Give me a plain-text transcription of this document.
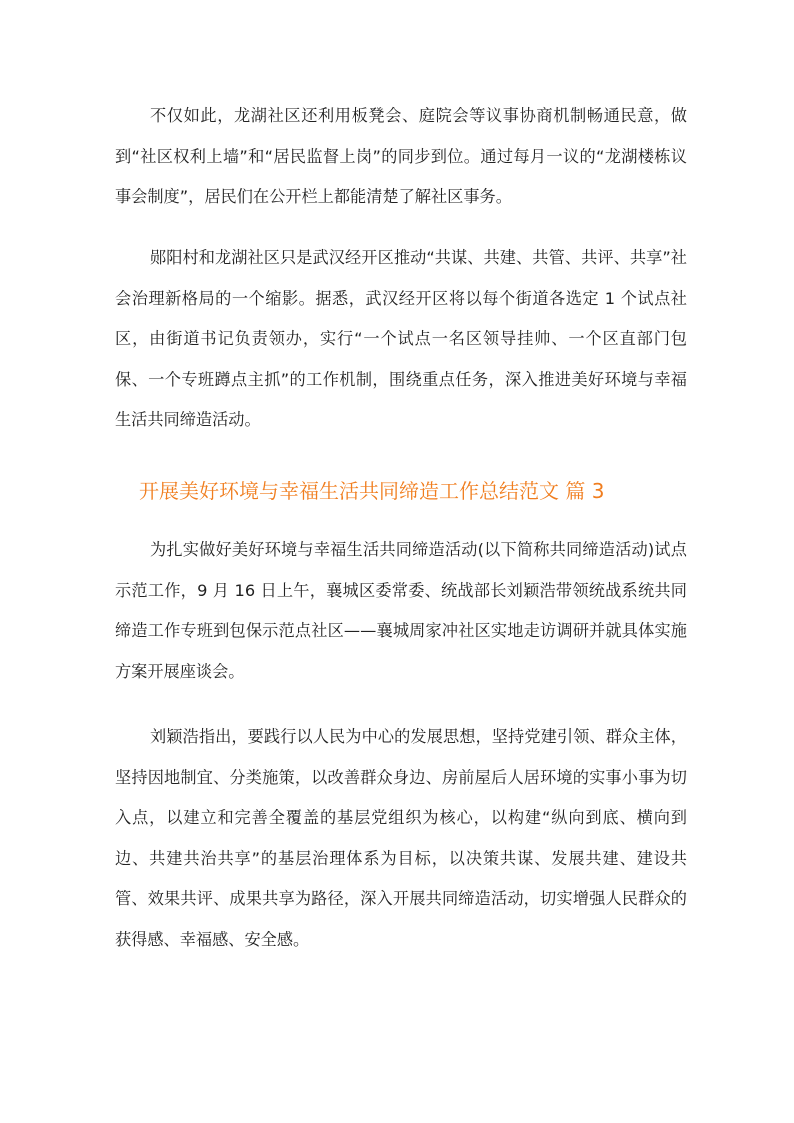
不仅如此，龙湖社区还利用板凳会、庭院会等议事协商机制畅通民意，做到“社区权利上墙”和“居民监督上岗”的同步到位。通过每月一议的“龙湖楼栋议事会制度”，居民们在公开栏上都能清楚了解社区事务。

郧阳村和龙湖社区只是武汉经开区推动“共谋、共建、共管、共评、共享”社会治理新格局的一个缩影。据悉，武汉经开区将以每个街道各选定 1 个试点社区，由街道书记负责领办，实行“一个试点一名区领导挂帅、一个区直部门包保、一个专班蹲点主抓”的工作机制，围绕重点任务，深入推进美好环境与幸福生活共同缔造活动。

开展美好环境与幸福生活共同缔造工作总结范文 篇 3

为扎实做好美好环境与幸福生活共同缔造活动(以下简称共同缔造活动)试点示范工作，9 月 16 日上午，襄城区委常委、统战部长刘颖浩带领统战系统共同缔造工作专班到包保示范点社区——襄城周家冲社区实地走访调研并就具体实施方案开展座谈会。

刘颖浩指出，要践行以人民为中心的发展思想，坚持党建引领、群众主体，坚持因地制宜、分类施策，以改善群众身边、房前屋后人居环境的实事小事为切入点，以建立和完善全覆盖的基层党组织为核心，以构建“纵向到底、横向到边、共建共治共享”的基层治理体系为目标，以决策共谋、发展共建、建设共管、效果共评、成果共享为路径，深入开展共同缔造活动，切实增强人民群众的获得感、幸福感、安全感。
